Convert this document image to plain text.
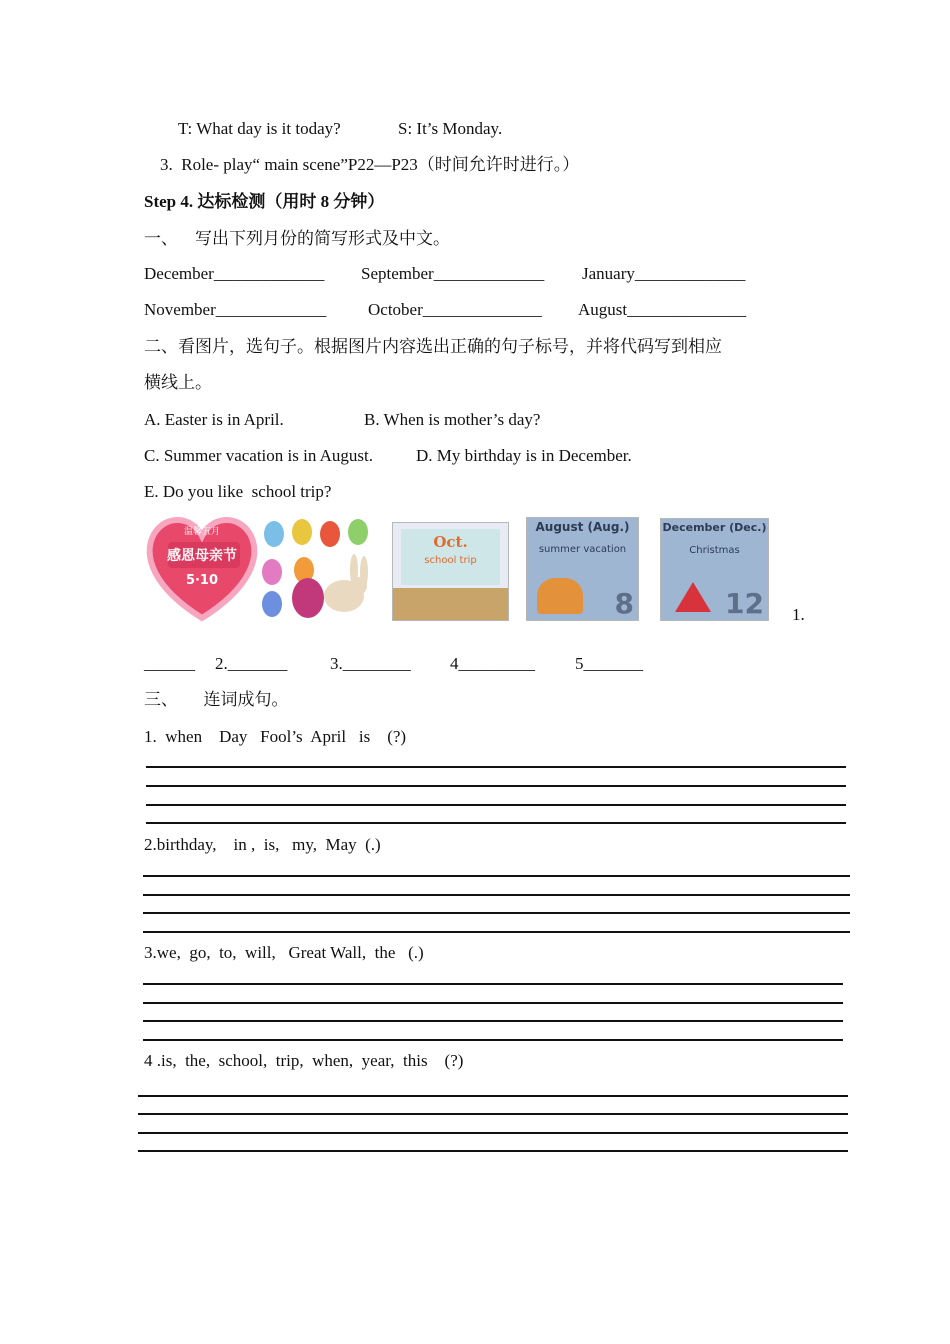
T: What day is it today?	S: It’s Monday.
3.  Role- play“ main scene”P22—P23（时间允许时进行。）
Step 4. 达标检测（用时 8 分钟）
一、    写出下列月份的简写形式及中文。
December_____________ September_____________ January_____________
November_____________ October______________ August______________
二、看图片，选句子。根据图片内容选出正确的句子标号，并将代码写到相应
横线上。
A. Easter is in April.	B. When is mother’s day?
C. Summer vacation is in August.	D. My birthday is in December.
E. Do you like  school trip?
温馨五月
感恩母亲节
5·10
Oct.
school trip
August (Aug.)
summer vacation
8
December (Dec.)
Christmas
12 1.
______ 2._______	3.________ 4_________ 5_______
三、      连词成句。
1.  when    Day   Fool’s  April   is    (?)
2.birthday,    in ,  is,   my,  May  (.)
3.we,  go,  to,  will,   Great Wall,  the   (.)
4 .is,  the,  school,  trip,  when,  year,  this    (?)
